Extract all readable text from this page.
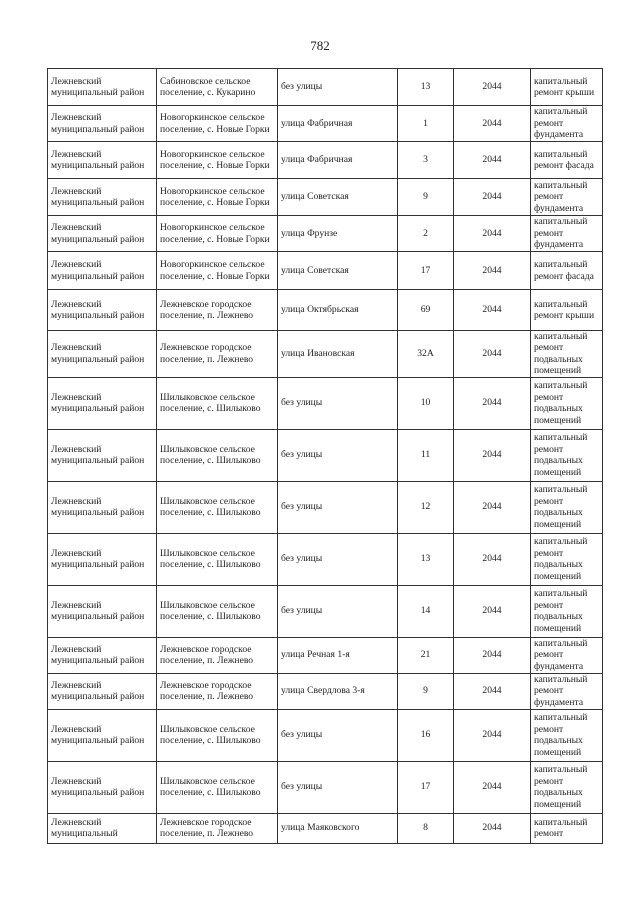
782
Лежневский муниципальный район	Сабиновское сельское поселение, с. Кукарино	без улицы	13	2044	капитальный ремонт крыши
Лежневский муниципальный район	Новогоркинское сельское поселение, с. Новые Горки	улица Фабричная	1	2044	капитальный ремонт фундамента
Лежневский муниципальный район	Новогоркинское сельское поселение, с. Новые Горки	улица Фабричная	3	2044	капитальный ремонт фасада
Лежневский муниципальный район	Новогоркинское сельское поселение, с. Новые Горки	улица Советская	9	2044	капитальный ремонт фундамента
Лежневский муниципальный район	Новогоркинское сельское поселение, с. Новые Горки	улица Фрунзе	2	2044	капитальный ремонт фундамента
Лежневский муниципальный район	Новогоркинское сельское поселение, с. Новые Горки	улица Советская	17	2044	капитальный ремонт фасада
Лежневский муниципальный район	Лежневское городское поселение, п. Лежнево	улица Октябрьская	69	2044	капитальный ремонт крыши
Лежневский муниципальный район	Лежневское городское поселение, п. Лежнево	улица Ивановская	32А	2044	капитальный ремонт подвальных помещений
Лежневский муниципальный район	Шилыковское сельское поселение, с. Шилыково	без улицы	10	2044	капитальный ремонт подвальных помещений
Лежневский муниципальный район	Шилыковское сельское поселение, с. Шилыково	без улицы	11	2044	капитальный ремонт подвальных помещений
Лежневский муниципальный район	Шилыковское сельское поселение, с. Шилыково	без улицы	12	2044	капитальный ремонт подвальных помещений
Лежневский муниципальный район	Шилыковское сельское поселение, с. Шилыково	без улицы	13	2044	капитальный ремонт подвальных помещений
Лежневский муниципальный район	Шилыковское сельское поселение, с. Шилыково	без улицы	14	2044	капитальный ремонт подвальных помещений
Лежневский муниципальный район	Лежневское городское поселение, п. Лежнево	улица Речная 1-я	21	2044	капитальный ремонт фундамента
Лежневский муниципальный район	Лежневское городское поселение, п. Лежнево	улица Свердлова 3-я	9	2044	капитальный ремонт фундамента
Лежневский муниципальный район	Шилыковское сельское поселение, с. Шилыково	без улицы	16	2044	капитальный ремонт подвальных помещений
Лежневский муниципальный район	Шилыковское сельское поселение, с. Шилыково	без улицы	17	2044	капитальный ремонт подвальных помещений
Лежневский муниципальный	Лежневское городское поселение, п. Лежнево	улица Маяковского	8	2044	капитальный ремонт
